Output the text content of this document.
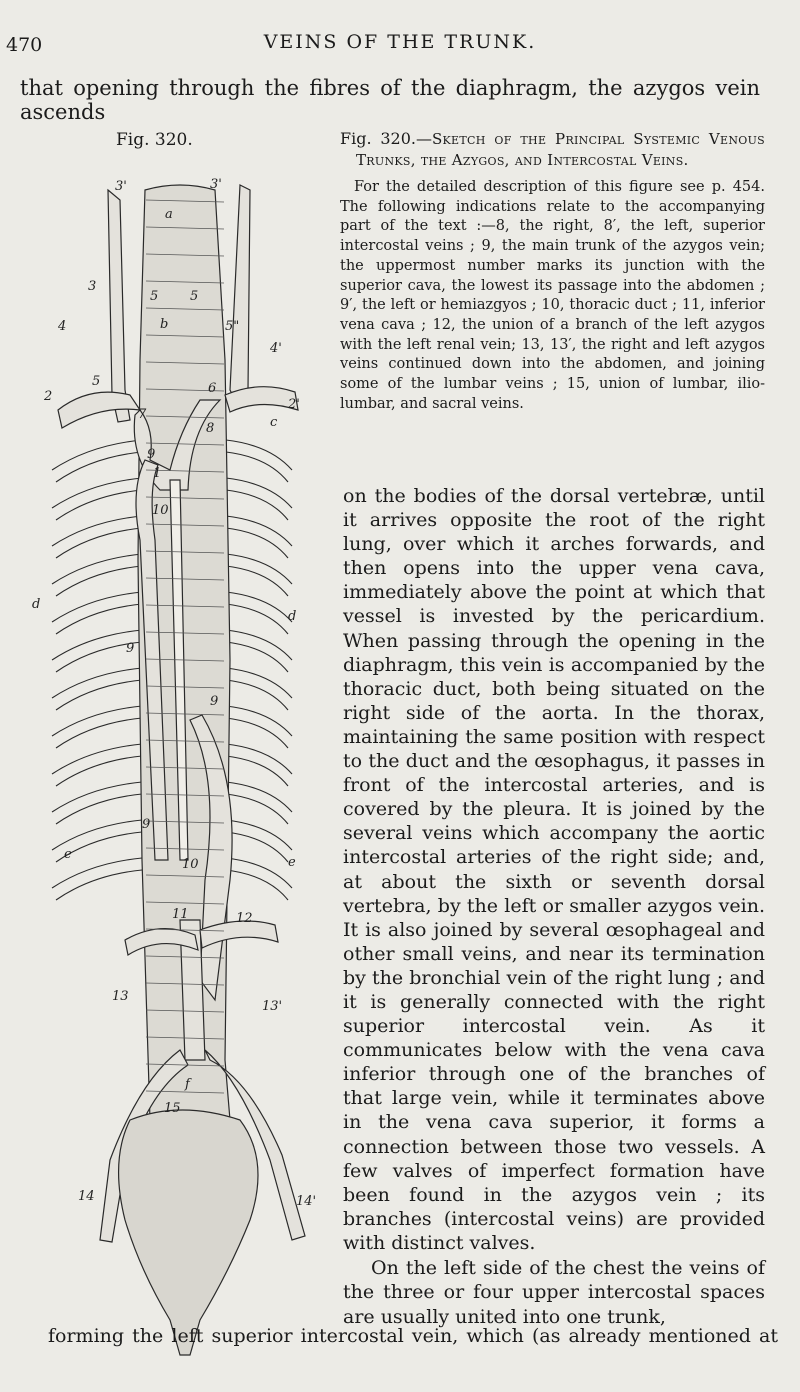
470	VEINS OF THE TRUNK.
that opening through the fibres of the diaphragm, the azygos vein ascends
Fig. 320.
3'	3'
a
3
5 5
b	5"
4
4'
5	6
2
2'
7
c
8
9
1
10
d
d
9
9
9
e
e
10
11	12
13
13'
f
15
14	14'

Fig. 320.—Sketch of the Principal Systemic Venous Trunks, the Azygos, and Intercostal Veins.

For the detailed description of this figure see p. 454. The following indications relate to the accompanying part of the text :—8, the right, 8′, the left, superior intercostal veins ; 9, the main trunk of the azygos vein; the uppermost number marks its junction with the superior cava, the lowest its passage into the abdomen ; 9′, the left or hemiazgyos ; 10, thoracic duct ; 11, inferior vena cava ; 12, the union of a branch of the left azygos with the left renal vein; 13, 13′, the right and left azygos veins continued down into the abdomen, and joining some of the lumbar veins ; 15, union of lumbar, ilio-lumbar, and sacral veins.

on the bodies of the dorsal vertebræ, until it arrives opposite the root of the right lung, over which it arches forwards, and then opens into the upper vena cava, immediately above the point at which that vessel is invested by the pericardium. When passing through the opening in the diaphragm, this vein is accompanied by the thoracic duct, both being situated on the right side of the aorta. In the thorax, maintaining the same position with respect to the duct and the œsophagus, it passes in front of the intercostal arteries, and is covered by the pleura. It is joined by the several veins which accompany the aortic intercostal arteries of the right side; and, at about the sixth or seventh dorsal vertebra, by the left or smaller azygos vein. It is also joined by several œsophageal and other small veins, and near its termination by the bronchial vein of the right lung ; and it is generally connected with the right superior intercostal vein. As it communicates below with the vena cava inferior through one of the branches of that large vein, while it terminates above in the vena cava superior, it forms a connection between those two vessels. A few valves of imperfect formation have been found in the azygos vein ; its branches (intercostal veins) are provided with distinct valves.

On the left side of the chest the veins of the three or four upper intercostal spaces are usually united into one trunk,

forming the left superior intercostal vein, which (as already mentioned at
